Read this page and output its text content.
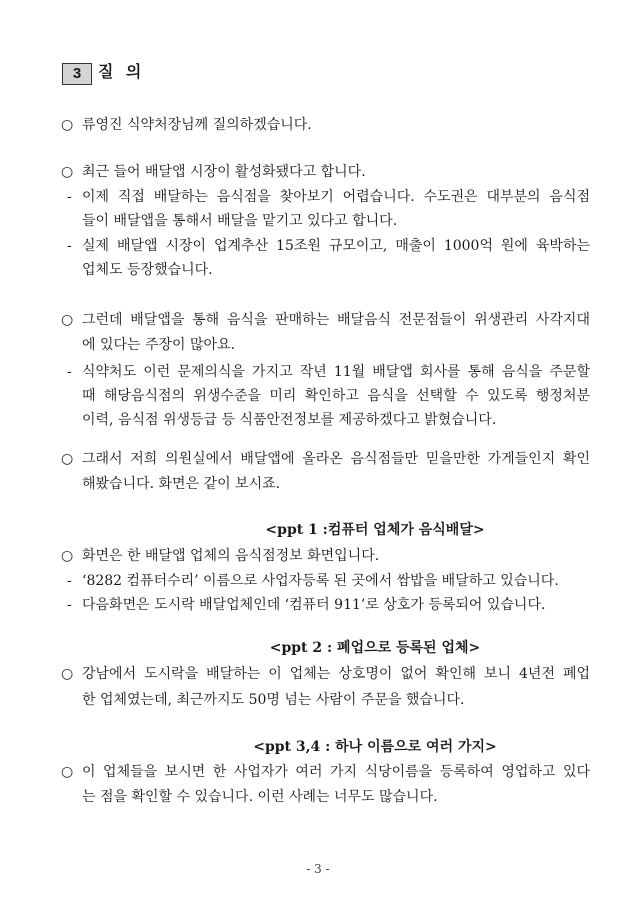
3	질 의
○ 류영진 식약처장님께 질의하겠습니다.
○ 최근 들어 배달앱 시장이 활성화됐다고 합니다.
- 이제 직접 배달하는 음식점을 찾아보기 어렵습니다. 수도권은 대부분의 음식점
들이 배달앱을 통해서 배달을 맡기고 있다고 합니다.
- 실제 배달앱 시장이 업계추산 15조원 규모이고, 매출이 1000억 원에 육박하는
업체도 등장했습니다.
○ 그런데 배달앱을 통해 음식을 판매하는 배달음식 전문점들이 위생관리 사각지대
에 있다는 주장이 많아요.
- 식약처도 이런 문제의식을 가지고 작년 11월 배달앱 회사를 통해 음식을 주문할
때 해당음식점의 위생수준을 미리 확인하고 음식을 선택할 수 있도록 행정처분
이력, 음식점 위생등급 등 식품안전정보를 제공하겠다고 밝혔습니다.
○ 그래서 저희 의원실에서 배달앱에 올라온 음식점들만 믿을만한 가게들인지 확인
해봤습니다. 화면은 같이 보시죠.
<ppt 1 :컴퓨터 업체가 음식배달>
○ 화면은 한 배달앱 업체의 음식점정보 화면입니다.
- ‘8282 컴퓨터수리’ 이름으로 사업자등록 된 곳에서 쌈밥을 배달하고 있습니다.
- 다음화면은 도시락 배달업체인데 ‘컴퓨터 911’로 상호가 등록되어 있습니다.
<ppt 2 : 폐업으로 등록된 업체>
○ 강남에서 도시락을 배달하는 이 업체는 상호명이 없어 확인해 보니 4년전 폐업
한 업체였는데, 최근까지도 50명 넘는 사람이 주문을 했습니다.
<ppt 3,4 : 하나 이름으로 여러 가지>
○ 이 업체들을 보시면 한 사업자가 여러 가지 식당이름을 등록하여 영업하고 있다
는 점을 확인할 수 있습니다. 이런 사례는 너무도 많습니다.
- 3 -
